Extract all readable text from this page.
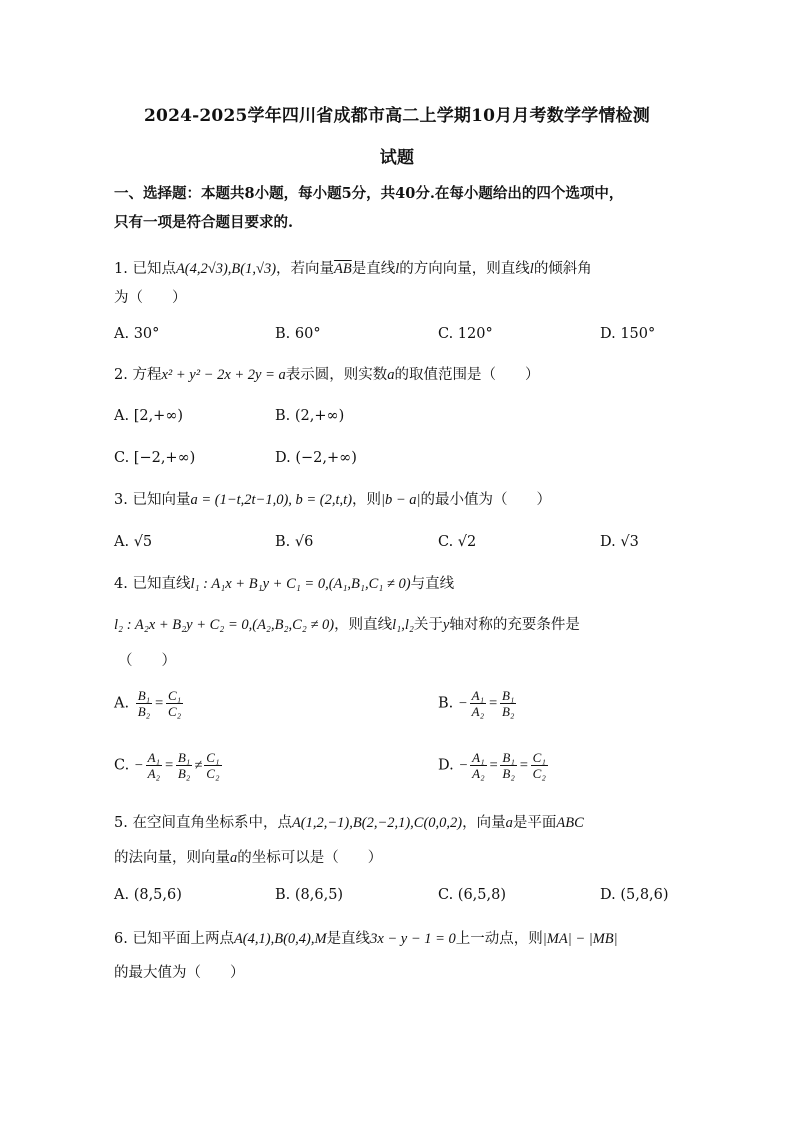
2024-2025学年四川省成都市高二上学期10月月考数学学情检测
试题
一、选择题：本题共8小题，每小题5分，共40分.在每小题给出的四个选项中，
只有一项是符合题目要求的.
1. 已知点A(4,2√3),B(1,√3)，若向量$\overline{AB}$是直线l的方向向量，则直线l的倾斜角
为（　　）
A. 30°	B. 60°	C. 120°	D. 150°
2. 方程x² + y² − 2x + 2y = a表示圆，则实数a的取值范围是（　　）
A. [2,+∞)	B. (2,+∞)
C. [−2,+∞)	D. (−2,+∞)
3. 已知向量a = (1−t,2t−1,0), b = (2,t,t)，则|b − a|的最小值为（　　）
A. √5	B. √6	C. √2	D. √3
4. 已知直线l₁ : A₁x + B₁y + C₁ = 0,(A₁,B₁,C₁ ≠ 0)与直线
l₂ : A₂x + B₂y + C₂ = 0,(A₂,B₂,C₂ ≠ 0)，则直线l₁,l₂关于y轴对称的充要条件是
（　　）
A. $\frac{\text{B₁}}{\text{B₂}} = \frac{\text{C₁}}{\text{C₂}}$	B. − $\frac{\text{A₁}}{\text{A₂}} = \frac{\text{B₁}}{\text{B₂}}$
C. − $\frac{\text{A₁}}{\text{A₂}} = \frac{\text{B₁}}{\text{B₂}} \ne \frac{\text{C₁}}{\text{C₂}}$	D. − $\frac{\text{A₁}}{\text{A₂}} = \frac{\text{B₁}}{\text{B₂}} = \frac{\text{C₁}}{\text{C₂}}$
5. 在空间直角坐标系中，点A(1,2,−1),B(2,−2,1),C(0,0,2)，向量a是平面ABC
的法向量，则向量a的坐标可以是（　　）
A. (8,5,6)	B. (8,6,5)	C. (6,5,8)	D. (5,8,6)
6. 已知平面上两点A(4,1),B(0,4),M是直线3x − y − 1 = 0上一动点，则|MA| − |MB|
的最大值为（　　）
